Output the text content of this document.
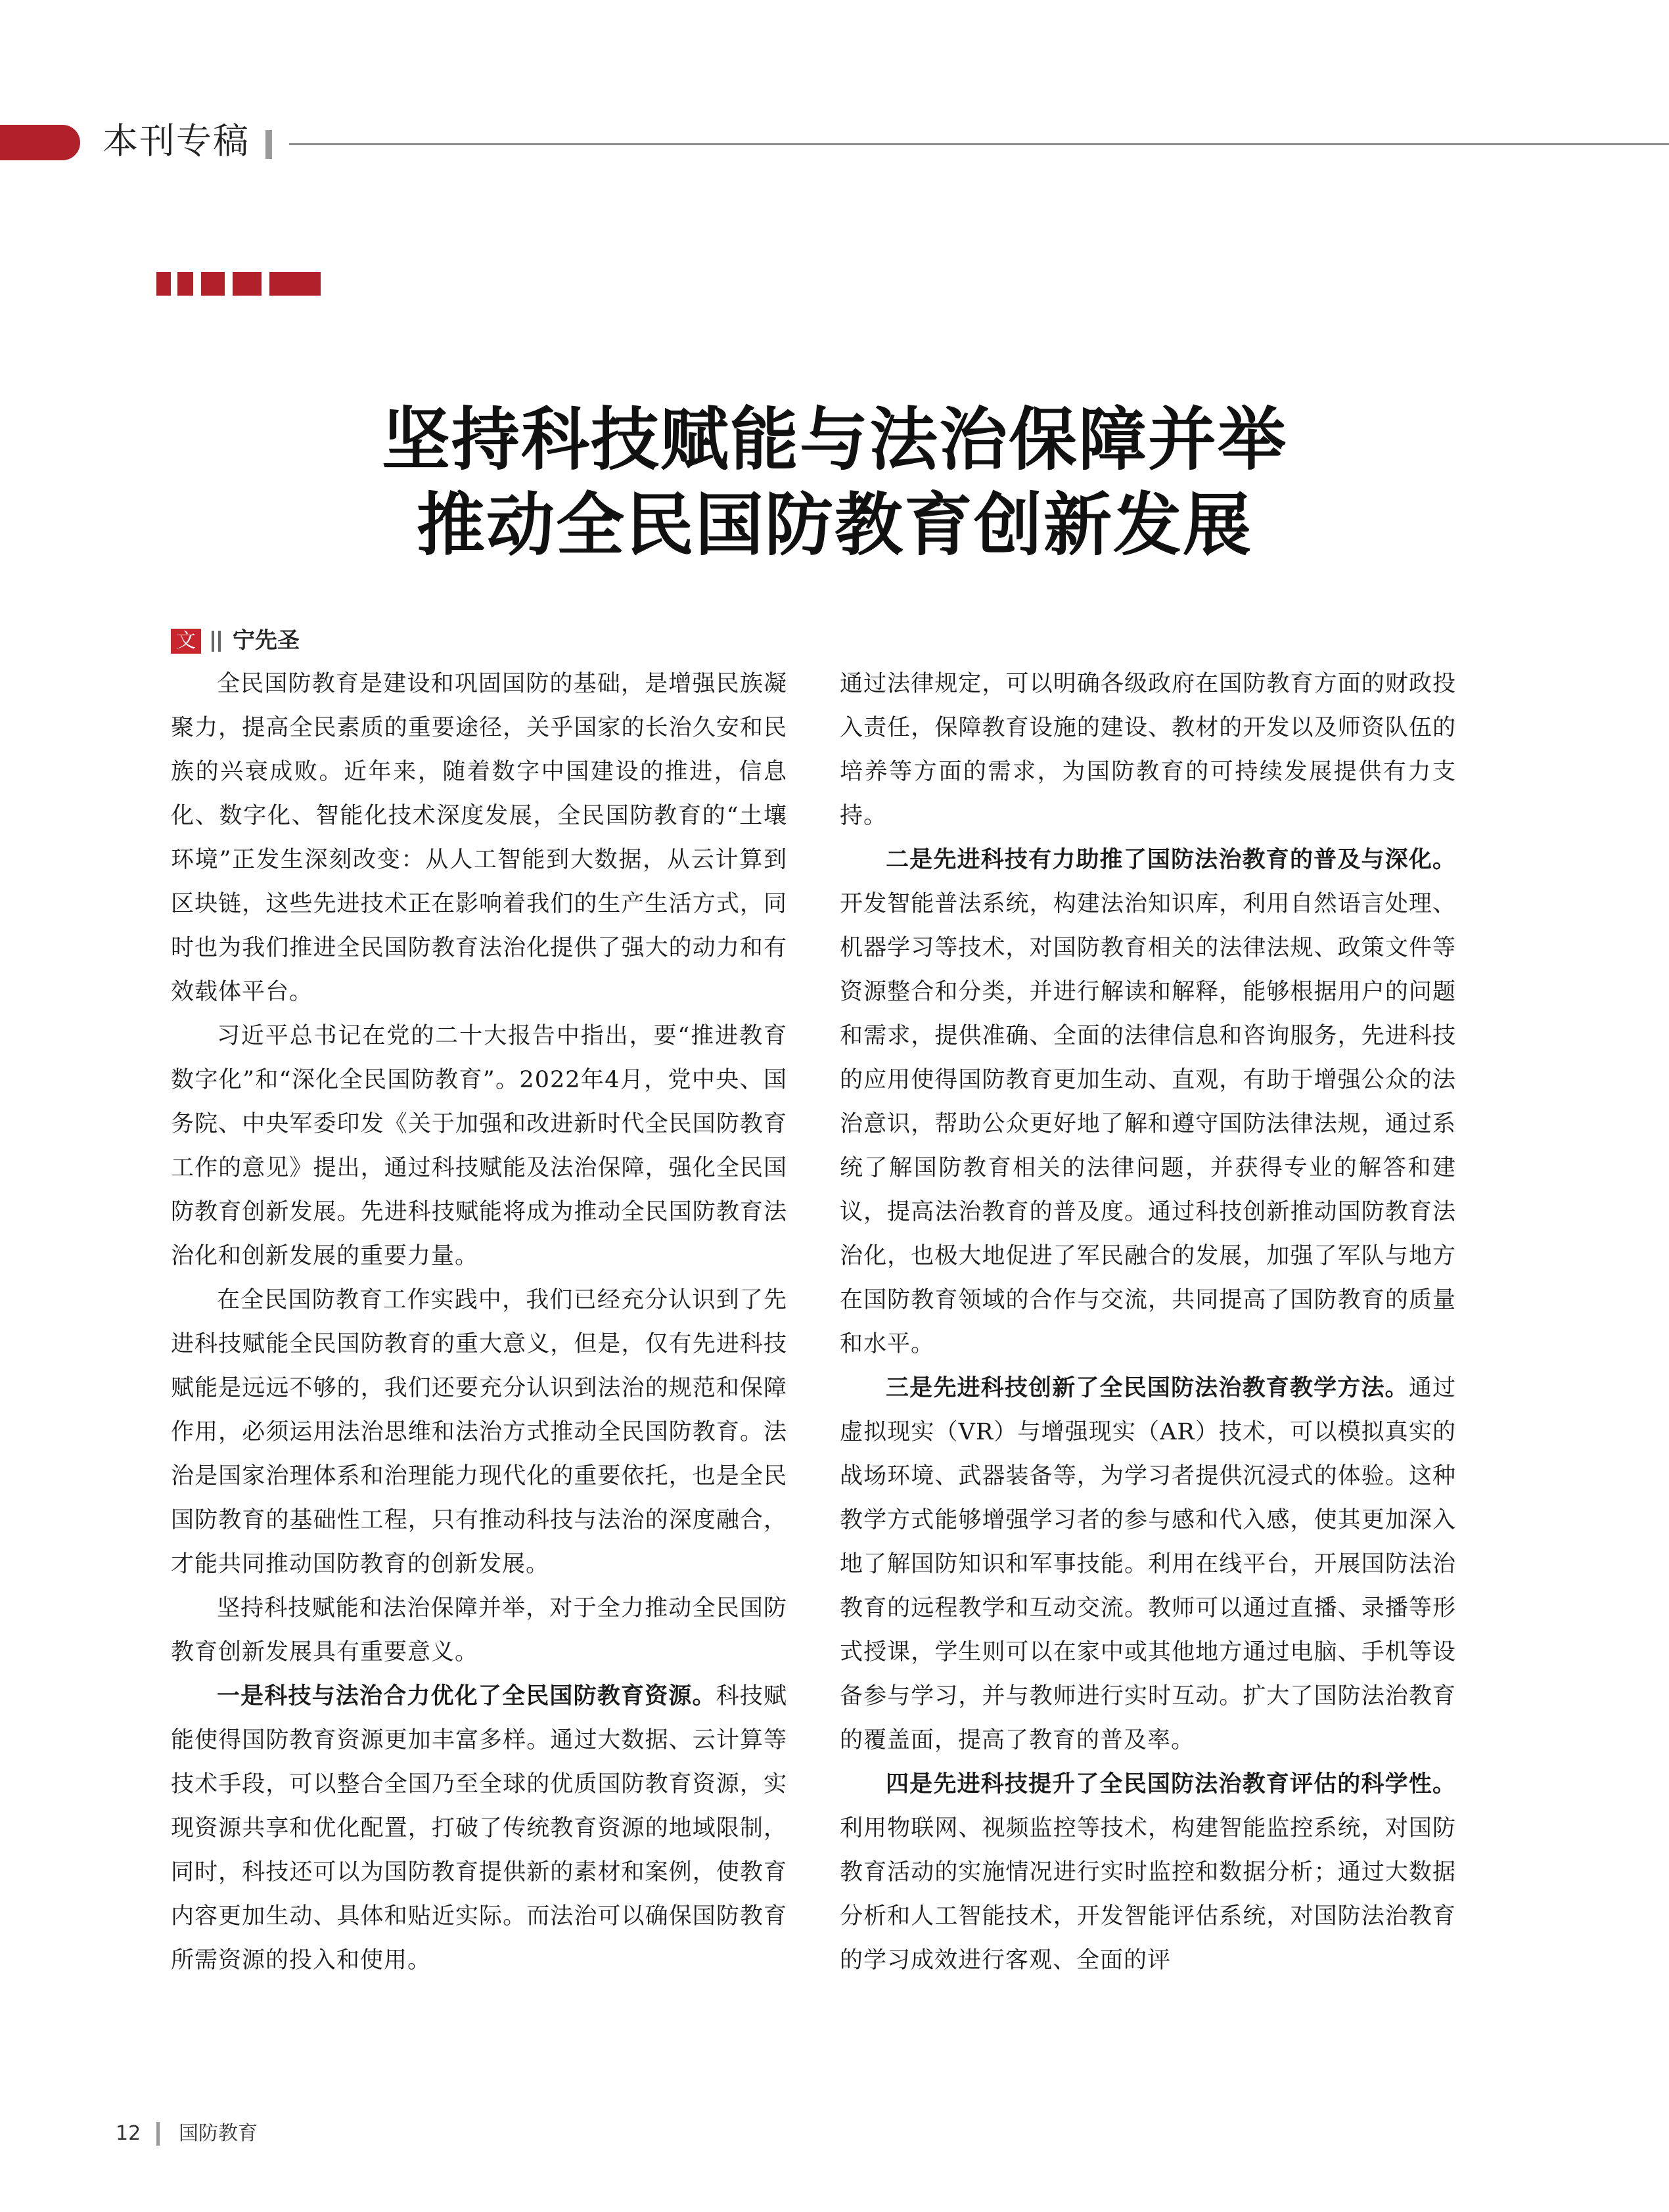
本刊专稿
坚持科技赋能与法治保障并举
推动全民国防教育创新发展
文 宁先圣

全民国防教育是建设和巩固国防的基础，是增强民族凝聚力，提高全民素质的重要途径，关乎国家的长治久安和民族的兴衰成败。近年来，随着数字中国建设的推进，信息化、数字化、智能化技术深度发展，全民国防教育的“土壤环境”正发生深刻改变：从人工智能到大数据，从云计算到区块链，这些先进技术正在影响着我们的生产生活方式，同时也为我们推进全民国防教育法治化提供了强大的动力和有效载体平台。

习近平总书记在党的二十大报告中指出，要“推进教育数字化”和“深化全民国防教育”。2022年4月，党中央、国务院、中央军委印发《关于加强和改进新时代全民国防教育工作的意见》提出，通过科技赋能及法治保障，强化全民国防教育创新发展。先进科技赋能将成为推动全民国防教育法治化和创新发展的重要力量。

在全民国防教育工作实践中，我们已经充分认识到了先进科技赋能全民国防教育的重大意义，但是，仅有先进科技赋能是远远不够的，我们还要充分认识到法治的规范和保障作用，必须运用法治思维和法治方式推动全民国防教育。法治是国家治理体系和治理能力现代化的重要依托，也是全民国防教育的基础性工程，只有推动科技与法治的深度融合，才能共同推动国防教育的创新发展。

坚持科技赋能和法治保障并举，对于全力推动全民国防教育创新发展具有重要意义。

一是科技与法治合力优化了全民国防教育资源。科技赋能使得国防教育资源更加丰富多样。通过大数据、云计算等技术手段，可以整合全国乃至全球的优质国防教育资源，实现资源共享和优化配置，打破了传统教育资源的地域限制，同时，科技还可以为国防教育提供新的素材和案例，使教育内容更加生动、具体和贴近实际。而法治可以确保国防教育所需资源的投入和使用。

通过法律规定，可以明确各级政府在国防教育方面的财政投入责任，保障教育设施的建设、教材的开发以及师资队伍的培养等方面的需求，为国防教育的可持续发展提供有力支持。

二是先进科技有力助推了国防法治教育的普及与深化。开发智能普法系统，构建法治知识库，利用自然语言处理、机器学习等技术，对国防教育相关的法律法规、政策文件等资源整合和分类，并进行解读和解释，能够根据用户的问题和需求，提供准确、全面的法律信息和咨询服务，先进科技的应用使得国防教育更加生动、直观，有助于增强公众的法治意识，帮助公众更好地了解和遵守国防法律法规，通过系统了解国防教育相关的法律问题，并获得专业的解答和建议，提高法治教育的普及度。通过科技创新推动国防教育法治化，也极大地促进了军民融合的发展，加强了军队与地方在国防教育领域的合作与交流，共同提高了国防教育的质量和水平。

三是先进科技创新了全民国防法治教育教学方法。通过虚拟现实（VR）与增强现实（AR）技术，可以模拟真实的战场环境、武器装备等，为学习者提供沉浸式的体验。这种教学方式能够增强学习者的参与感和代入感，使其更加深入地了解国防知识和军事技能。利用在线平台，开展国防法治教育的远程教学和互动交流。教师可以通过直播、录播等形式授课，学生则可以在家中或其他地方通过电脑、手机等设备参与学习，并与教师进行实时互动。扩大了国防法治教育的覆盖面，提高了教育的普及率。

四是先进科技提升了全民国防法治教育评估的科学性。利用物联网、视频监控等技术，构建智能监控系统，对国防教育活动的实施情况进行实时监控和数据分析；通过大数据分析和人工智能技术，开发智能评估系统，对国防法治教育的学习成效进行客观、全面的评

12 国防教育
